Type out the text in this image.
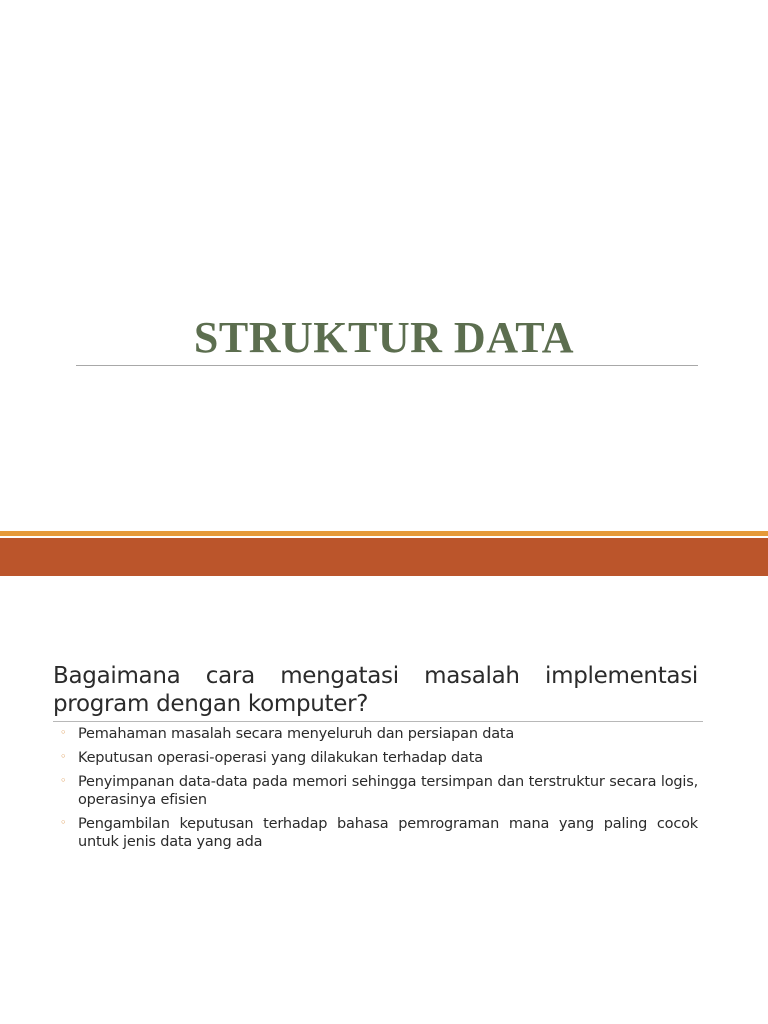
STRUKTUR DATA

Bagaimana cara mengatasi masalah implementasi program dengan komputer?

◦ Pemahaman masalah secara menyeluruh dan persiapan data
◦ Keputusan operasi-operasi yang dilakukan terhadap data
◦ Penyimpanan data-data pada memori sehingga tersimpan dan terstruktur secara logis, operasinya efisien
◦ Pengambilan keputusan terhadap bahasa pemrograman mana yang paling cocok untuk jenis data yang ada
